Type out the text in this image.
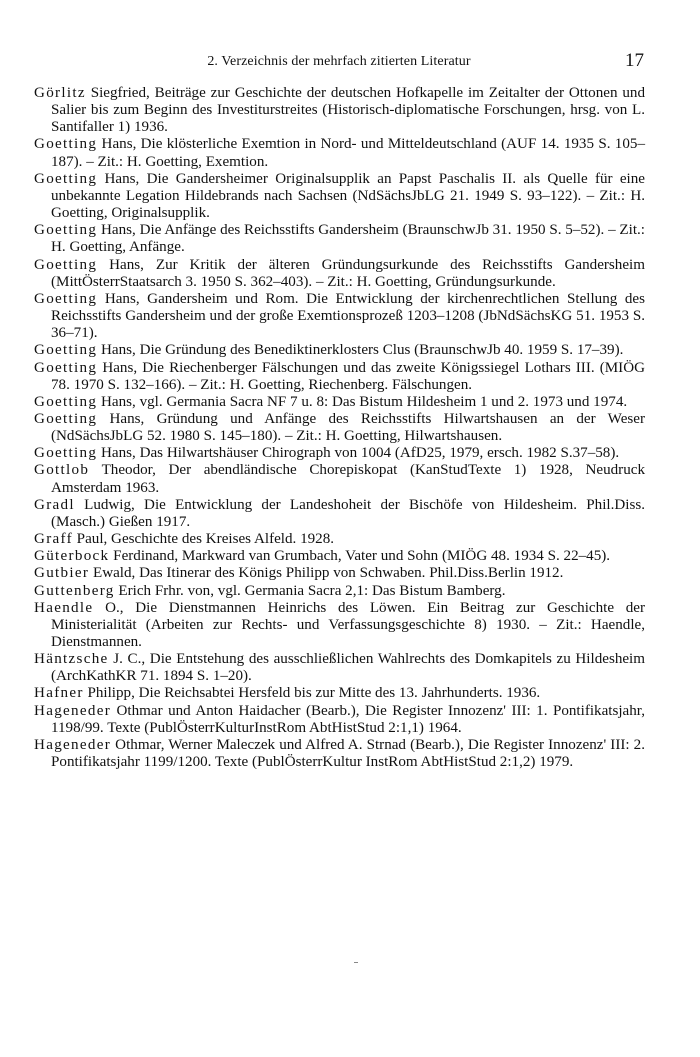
2. Verzeichnis der mehrfach zitierten Literatur	17

Görlitz Siegfried, Beiträge zur Geschichte der deutschen Hofkapelle im Zeitalter der Ottonen und Salier bis zum Beginn des Investiturstreites (Historisch-diplomatische Forschungen, hrsg. von L. Santifaller 1) 1936.

Goetting Hans, Die klösterliche Exemtion in Nord- und Mitteldeutschland (AUF 14. 1935 S. 105–187). – Zit.: H. Goetting, Exemtion.

Goetting Hans, Die Gandersheimer Originalsupplik an Papst Paschalis II. als Quelle für eine unbekannte Legation Hildebrands nach Sachsen (NdSächsJbLG 21. 1949 S. 93–122). – Zit.: H. Goetting, Originalsupplik.

Goetting Hans, Die Anfänge des Reichsstifts Gandersheim (BraunschwJb 31. 1950 S. 5–52). – Zit.: H. Goetting, Anfänge.

Goetting Hans, Zur Kritik der älteren Gründungsurkunde des Reichsstifts Gandersheim (MittÖsterrStaatsarch 3. 1950 S. 362–403). – Zit.: H. Goetting, Gründungsurkunde.

Goetting Hans, Gandersheim und Rom. Die Entwicklung der kirchenrechtlichen Stellung des Reichsstifts Gandersheim und der große Exemtionsprozeß 1203–1208 (JbNdSächsKG 51. 1953 S. 36–71).

Goetting Hans, Die Gründung des Benediktinerklosters Clus (BraunschwJb 40. 1959 S. 17–39).

Goetting Hans, Die Riechenberger Fälschungen und das zweite Königssiegel Lothars III. (MIÖG 78. 1970 S. 132–166). – Zit.: H. Goetting, Riechenberg. Fälschungen.

Goetting Hans, vgl. Germania Sacra NF 7 u. 8: Das Bistum Hildesheim 1 und 2. 1973 und 1974.

Goetting Hans, Gründung und Anfänge des Reichsstifts Hilwartshausen an der Weser (NdSächsJbLG 52. 1980 S. 145–180). – Zit.: H. Goetting, Hilwartshausen.

Goetting Hans, Das Hilwartshäuser Chirograph von 1004 (AfD25, 1979, ersch. 1982 S.37–58).

Gottlob Theodor, Der abendländische Chorepiskopat (KanStudTexte 1) 1928, Neudruck Amsterdam 1963.

Gradl Ludwig, Die Entwicklung der Landeshoheit der Bischöfe von Hildesheim. Phil.Diss. (Masch.) Gießen 1917.

Graff Paul, Geschichte des Kreises Alfeld. 1928.

Güterbock Ferdinand, Markward van Grumbach, Vater und Sohn (MIÖG 48. 1934 S. 22–45).

Gutbier Ewald, Das Itinerar des Königs Philipp von Schwaben. Phil.Diss.Berlin 1912.

Guttenberg Erich Frhr. von, vgl. Germania Sacra 2,1: Das Bistum Bamberg.

Haendle O., Die Dienstmannen Heinrichs des Löwen. Ein Beitrag zur Geschichte der Ministerialität (Arbeiten zur Rechts- und Verfassungsgeschichte 8) 1930. – Zit.: Haendle, Dienstmannen.

Häntzsche J. C., Die Entstehung des ausschließlichen Wahlrechts des Domkapitels zu Hildesheim (ArchKathKR 71. 1894 S. 1–20).

Hafner Philipp, Die Reichsabtei Hersfeld bis zur Mitte des 13. Jahrhunderts. 1936.

Hageneder Othmar und Anton Haidacher (Bearb.), Die Register Innozenz' III: 1. Pontifikatsjahr, 1198/99. Texte (PublÖsterrKulturInstRom AbtHistStud 2:1,1) 1964.

Hageneder Othmar, Werner Maleczek und Alfred A. Strnad (Bearb.), Die Register Innozenz' III: 2. Pontifikatsjahr 1199/1200. Texte (PublÖsterrKultur InstRom AbtHistStud 2:1,2) 1979.
